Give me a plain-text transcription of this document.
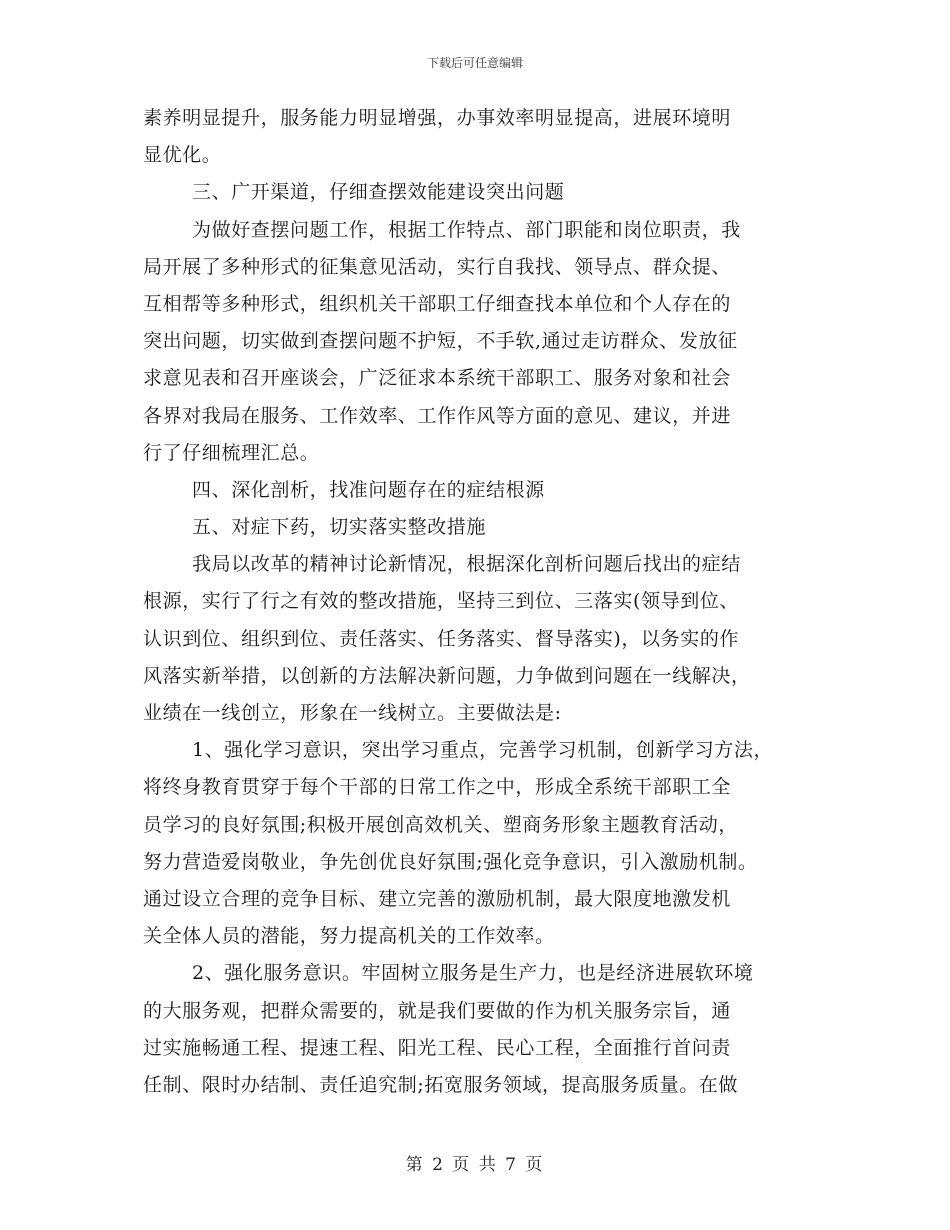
下载后可任意编辑
素养明显提升，服务能力明显增强，办事效率明显提高，进展环境明
显优化。
三、广开渠道，仔细查摆效能建设突出问题
为做好查摆问题工作，根据工作特点、部门职能和岗位职责，我
局开展了多种形式的征集意见活动，实行自我找、领导点、群众提、
互相帮等多种形式，组织机关干部职工仔细查找本单位和个人存在的
突出问题，切实做到查摆问题不护短，不手软,通过走访群众、发放征
求意见表和召开座谈会，广泛征求本系统干部职工、服务对象和社会
各界对我局在服务、工作效率、工作作风等方面的意见、建议，并进
行了仔细梳理汇总。
四、深化剖析，找准问题存在的症结根源
五、对症下药，切实落实整改措施
我局以改革的精神讨论新情况，根据深化剖析问题后找出的症结
根源，实行了行之有效的整改措施，坚持三到位、三落实(领导到位、
认识到位、组织到位、责任落实、任务落实、督导落实)，以务实的作
风落实新举措，以创新的方法解决新问题，力争做到问题在一线解决，
业绩在一线创立，形象在一线树立。主要做法是:
1、强化学习意识，突出学习重点，完善学习机制，创新学习方法，
将终身教育贯穿于每个干部的日常工作之中，形成全系统干部职工全
员学习的良好氛围;积极开展创高效机关、塑商务形象主题教育活动，
努力营造爱岗敬业，争先创优良好氛围;强化竞争意识，引入激励机制。
通过设立合理的竞争目标、建立完善的激励机制，最大限度地激发机
关全体人员的潜能，努力提高机关的工作效率。
2、强化服务意识。牢固树立服务是生产力，也是经济进展软环境
的大服务观，把群众需要的，就是我们要做的作为机关服务宗旨，通
过实施畅通工程、提速工程、阳光工程、民心工程，全面推行首问责
任制、限时办结制、责任追究制;拓宽服务领域，提高服务质量。在做
第 2 页 共 7 页
